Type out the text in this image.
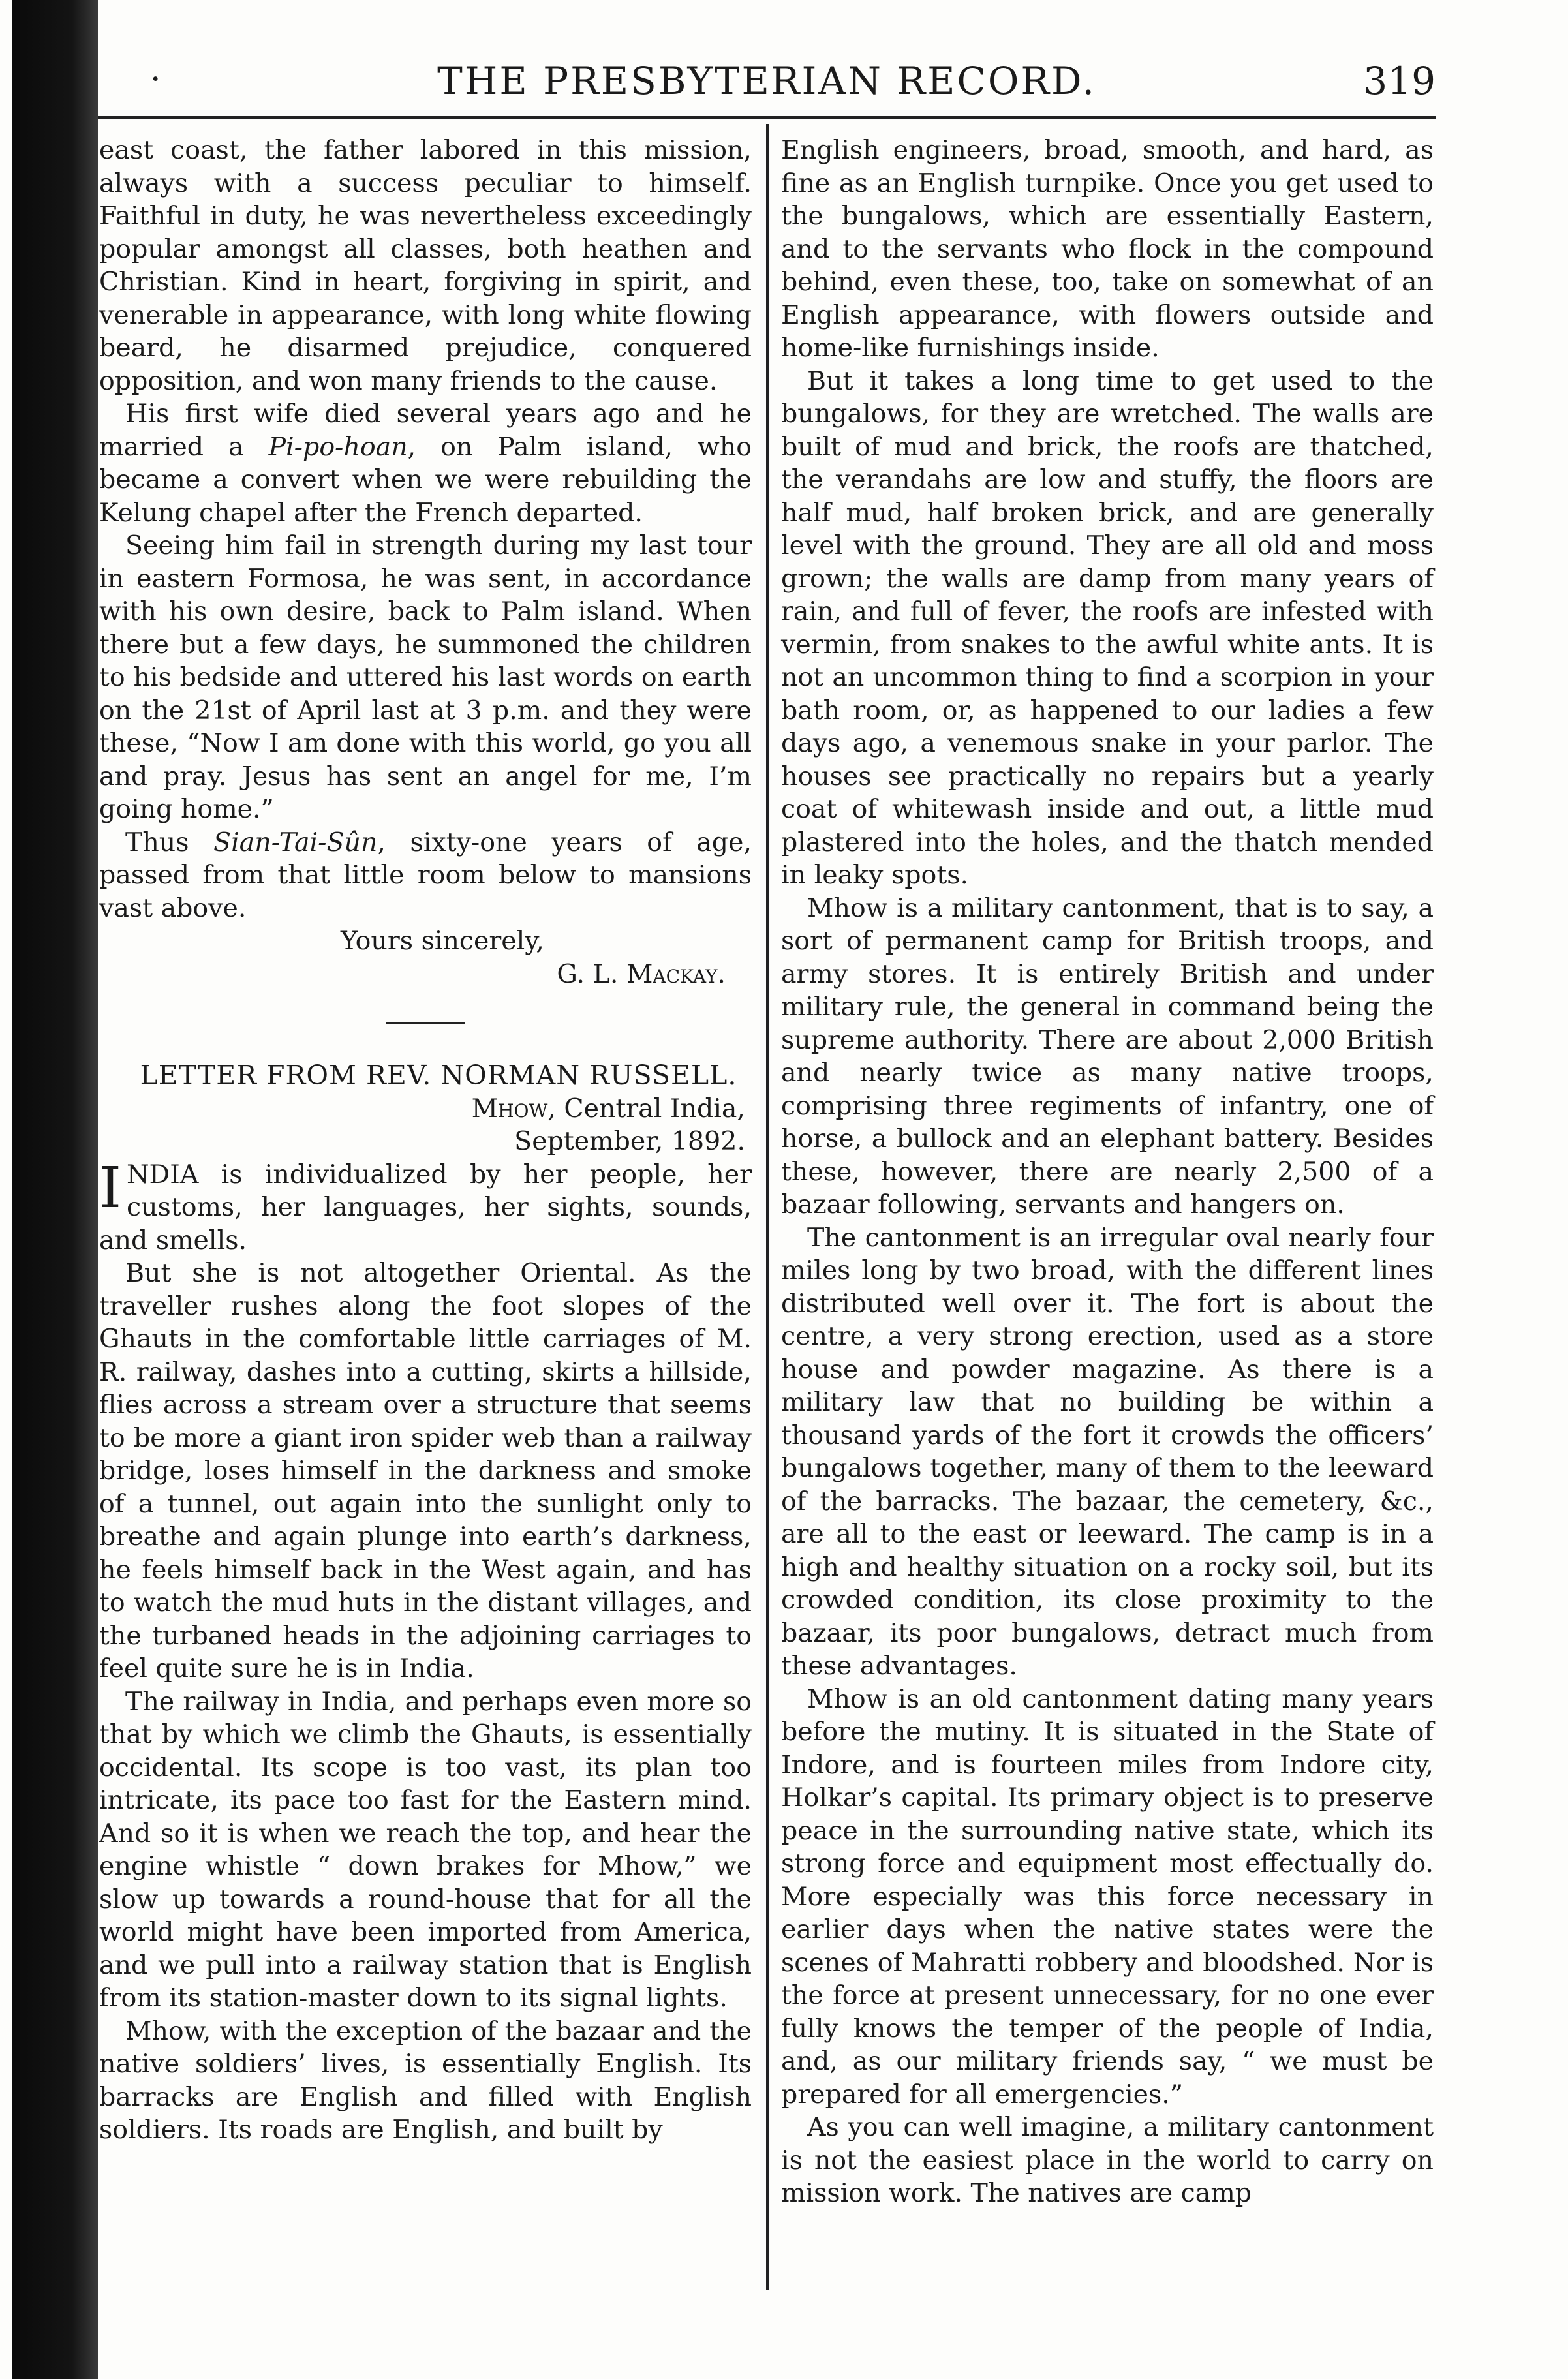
·	THE PRESBYTERIAN RECORD.	319

east coast, the father labored in this mission, always with a success peculiar to himself. Faithful in duty, he was nevertheless exceedingly popular amongst all classes, both heathen and Christian. Kind in heart, forgiving in spirit, and venerable in appearance, with long white flowing beard, he disarmed prejudice, conquered opposition, and won many friends to the cause.

His first wife died several years ago and he married a Pi-po-hoan, on Palm island, who became a convert when we were rebuilding the Kelung chapel after the French departed.

Seeing him fail in strength during my last tour in eastern Formosa, he was sent, in accordance with his own desire, back to Palm island. When there but a few days, he summoned the children to his bedside and uttered his last words on earth on the 21st of April last at 3 p.m. and they were these, “Now I am done with this world, go you all and pray. Jesus has sent an angel for me, I’m going home.”

Thus Sian-Tai-Sûn, sixty-one years of age, passed from that little room below to mansions vast above.

Yours sincerely,

G. L. Mackay.

LETTER FROM REV. NORMAN RUSSELL.

Mhow, Central India,

September, 1892.

INDIA is individualized by her people, her customs, her languages, her sights, sounds, and smells.

But she is not altogether Oriental. As the traveller rushes along the foot slopes of the Ghauts in the comfortable little carriages of M. R. railway, dashes into a cutting, skirts a hillside, flies across a stream over a structure that seems to be more a giant iron spider web than a railway bridge, loses himself in the darkness and smoke of a tunnel, out again into the sunlight only to breathe and again plunge into earth’s darkness, he feels himself back in the West again, and has to watch the mud huts in the distant villages, and the turbaned heads in the adjoining carriages to feel quite sure he is in India.

The railway in India, and perhaps even more so that by which we climb the Ghauts, is essentially occidental. Its scope is too vast, its plan too intricate, its pace too fast for the Eastern mind. And so it is when we reach the top, and hear the engine whistle “ down brakes for Mhow,” we slow up towards a round-house that for all the world might have been imported from America, and we pull into a railway station that is English from its station-master down to its signal lights.

Mhow, with the exception of the bazaar and the native soldiers’ lives, is essentially English. Its barracks are English and filled with English soldiers. Its roads are English, and built by

English engineers, broad, smooth, and hard, as fine as an English turnpike. Once you get used to the bungalows, which are essentially Eastern, and to the servants who flock in the compound behind, even these, too, take on somewhat of an English appearance, with flowers outside and home-like furnishings inside.

But it takes a long time to get used to the bungalows, for they are wretched. The walls are built of mud and brick, the roofs are thatched, the verandahs are low and stuffy, the floors are half mud, half broken brick, and are generally level with the ground. They are all old and moss grown; the walls are damp from many years of rain, and full of fever, the roofs are infested with vermin, from snakes to the awful white ants. It is not an uncommon thing to find a scorpion in your bath room, or, as happened to our ladies a few days ago, a venemous snake in your parlor. The houses see practically no repairs but a yearly coat of whitewash inside and out, a little mud plastered into the holes, and the thatch mended in leaky spots.

Mhow is a military cantonment, that is to say, a sort of permanent camp for British troops, and army stores. It is entirely British and under military rule, the general in command being the supreme authority. There are about 2,000 British and nearly twice as many native troops, comprising three regiments of infantry, one of horse, a bullock and an elephant battery. Besides these, however, there are nearly 2,500 of a bazaar following, servants and hangers on.

The cantonment is an irregular oval nearly four miles long by two broad, with the different lines distributed well over it. The fort is about the centre, a very strong erection, used as a store house and powder magazine. As there is a military law that no building be within a thousand yards of the fort it crowds the officers’ bungalows together, many of them to the leeward of the barracks. The bazaar, the cemetery, &c., are all to the east or leeward. The camp is in a high and healthy situation on a rocky soil, but its crowded condition, its close proximity to the bazaar, its poor bungalows, detract much from these advantages.

Mhow is an old cantonment dating many years before the mutiny. It is situated in the State of Indore, and is fourteen miles from Indore city, Holkar’s capital. Its primary object is to preserve peace in the surrounding native state, which its strong force and equipment most effectually do. More especially was this force necessary in earlier days when the native states were the scenes of Mahratti robbery and bloodshed. Nor is the force at present unnecessary, for no one ever fully knows the temper of the people of India, and, as our military friends say, “ we must be prepared for all emergencies.”

As you can well imagine, a military cantonment is not the easiest place in the world to carry on mission work. The natives are camp
